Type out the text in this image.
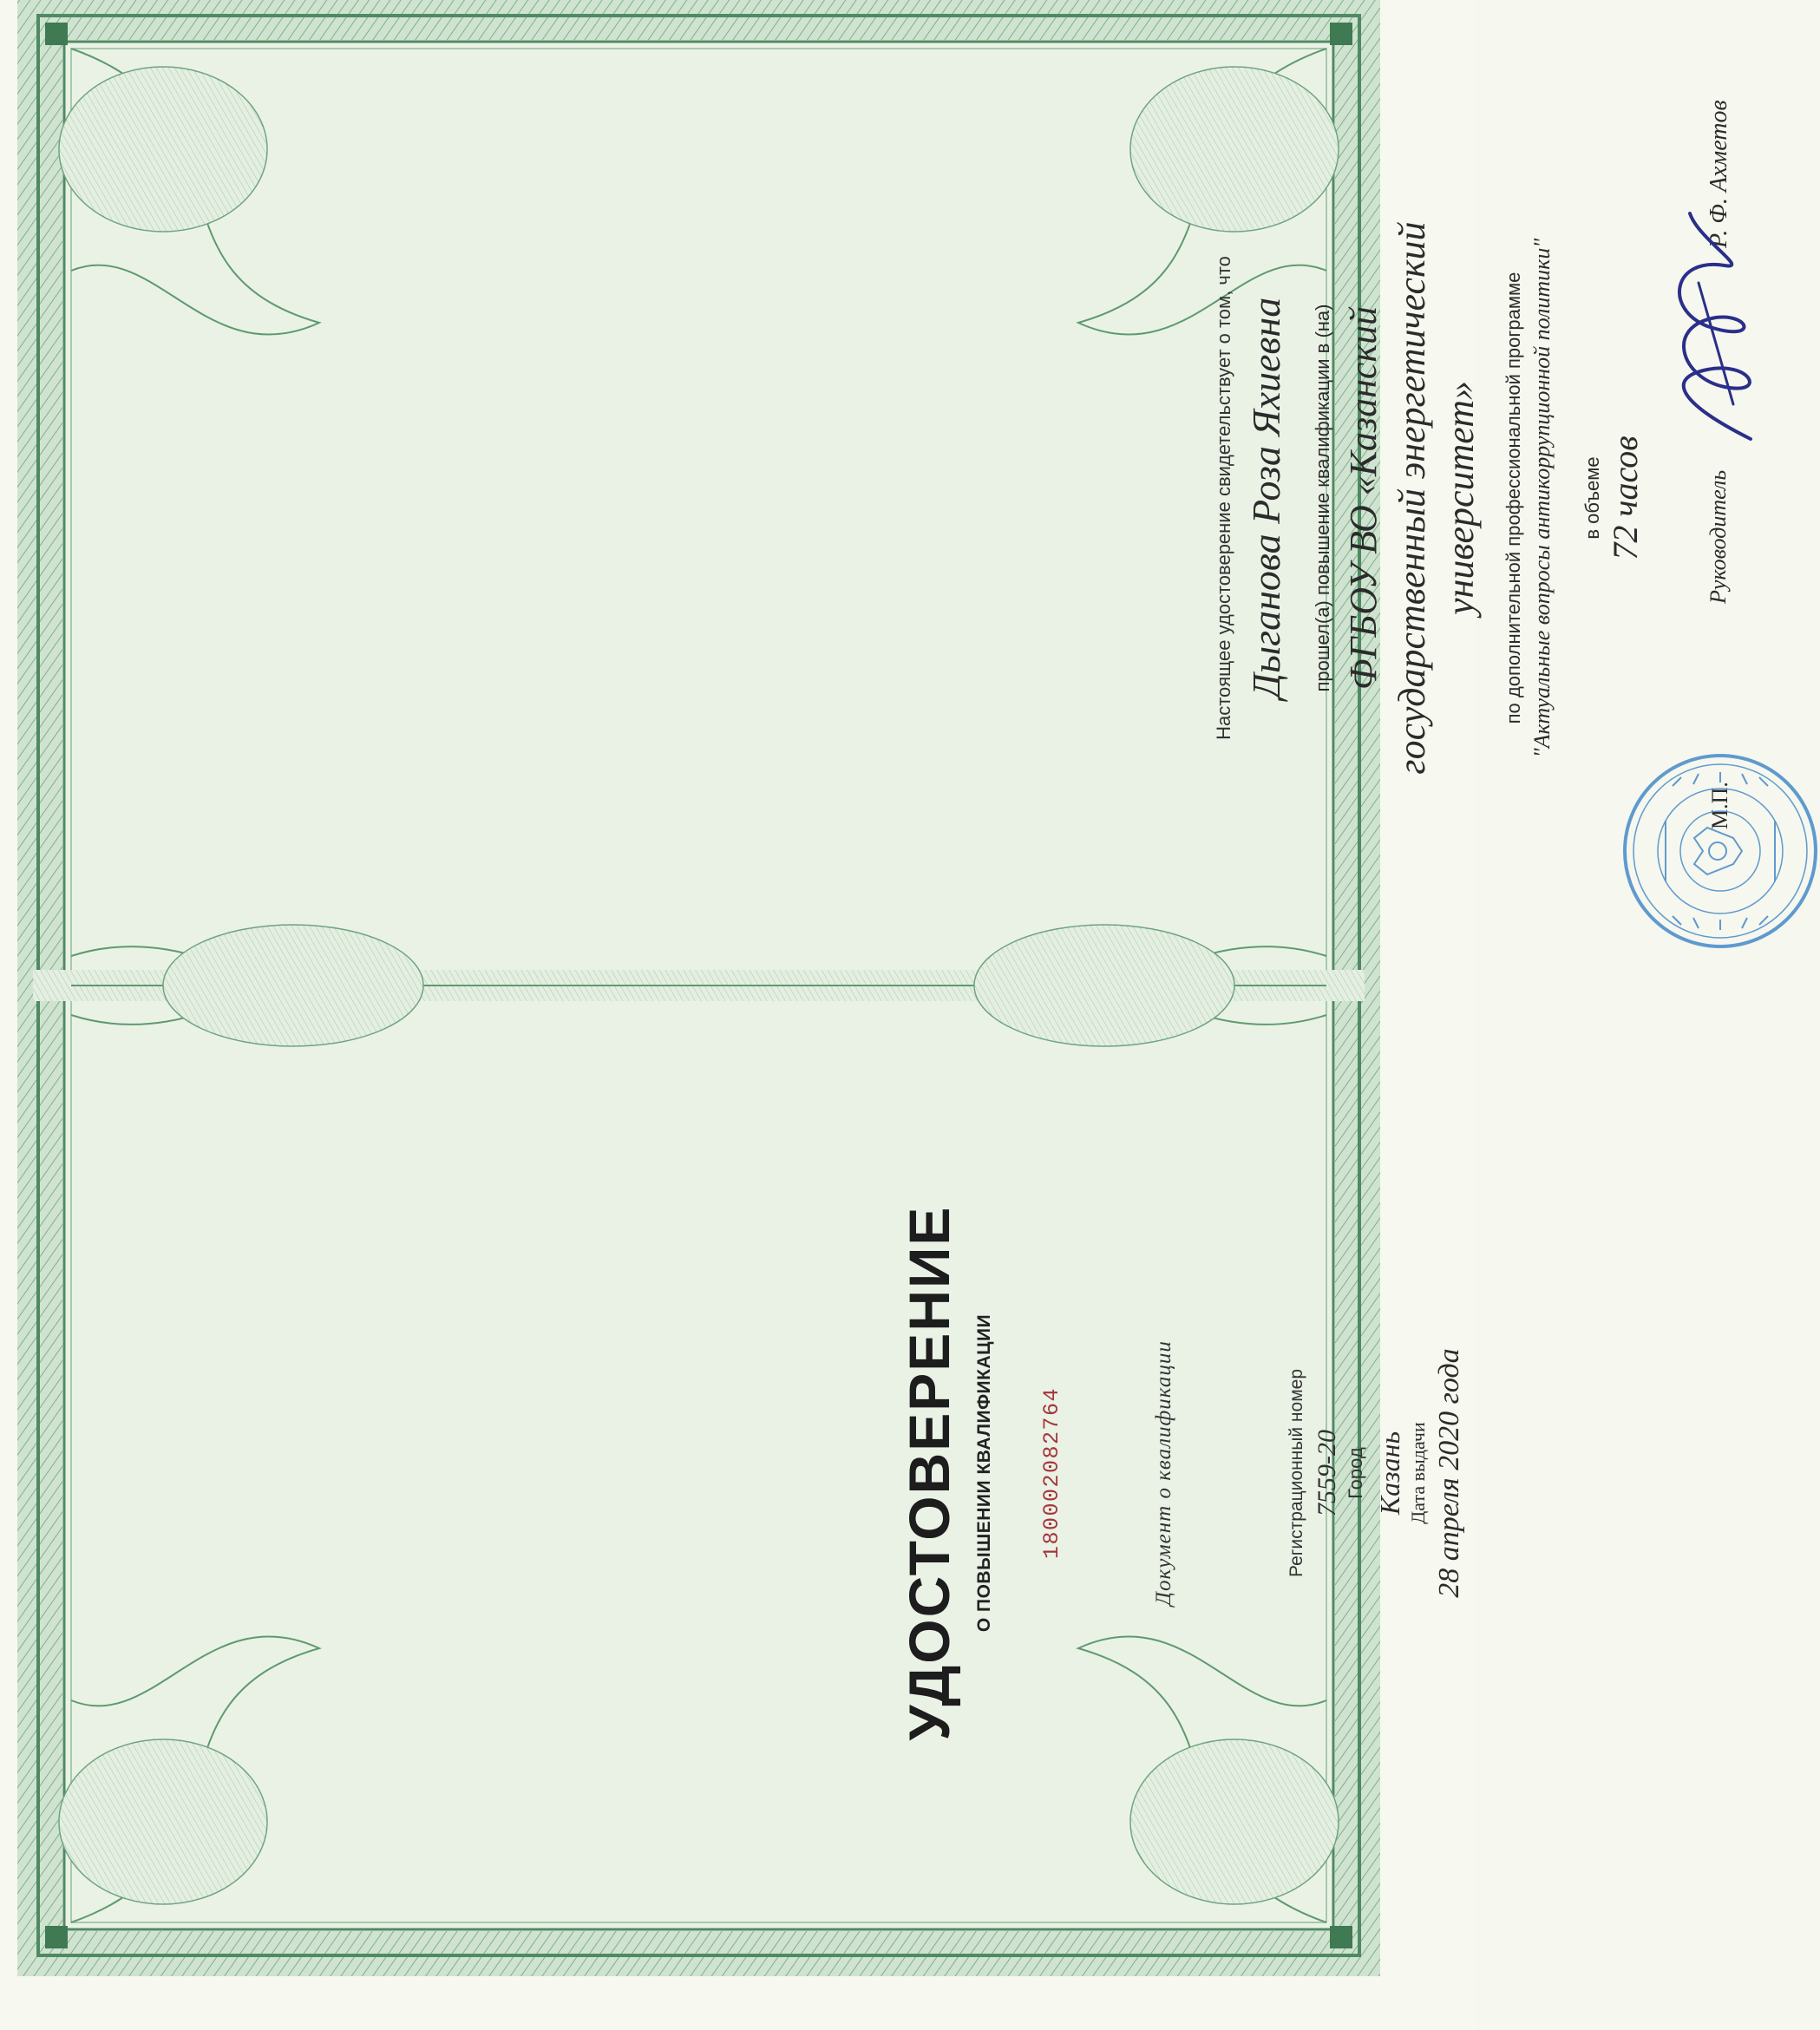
УДОСТОВЕРЕНИЕ О ПОВЫШЕНИИ КВАЛИФИКАЦИИ 180002082764	Документ о квалификации	Регистрационный номер 7559-20 Город Казань Дата выдачи 28 апреля 2020 года
Настоящее удостоверение свидетельствует о том, что Дыганова Роза Яхиевна прошел(а) повышение квалификации в (на) ФГБОУ ВО «Казанский государственный энергетический университет» по дополнительной профессиональной программе "Актуальные вопросы антикоррупционной политики" в объеме 72 часов
М.П.
Руководитель
Р. Ф. Ахметов
